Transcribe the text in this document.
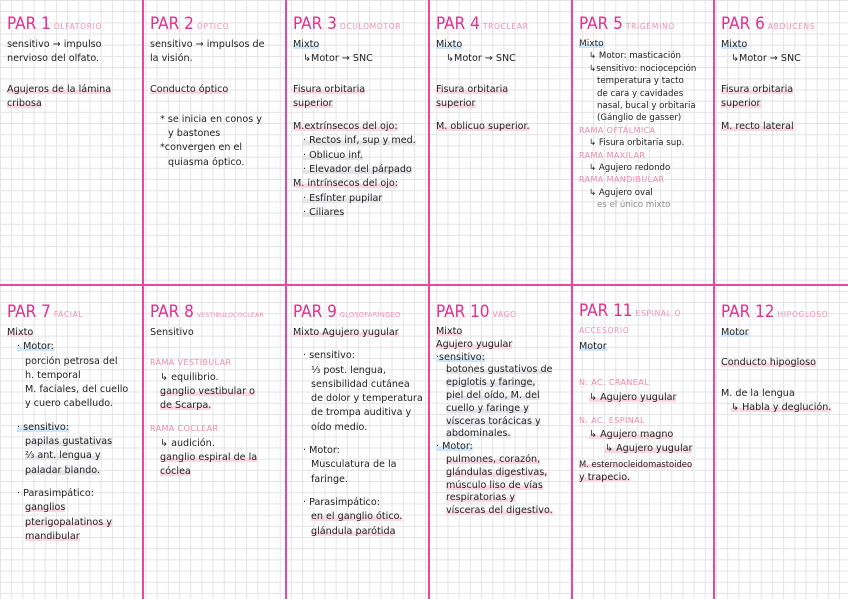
PAR 1 OLFATORIO
sensitivo → impulso
nervioso del olfato.
Agujeros de la lámina
cribosa
PAR 2 ÓPTICO
sensitivo → impulsos de
la visión.
Conducto óptico
* se inicia en conos y
y bastones
*convergen en el
quiasma óptico.
PAR 3 OCULOMOTOR
Mixto
↳Motor → SNC
Fisura orbitaria
superior
M.extrínsecos del ojo:
· Rectos inf, sup y med.
· Oblicuo inf.
· Elevador del párpado
M. intrínsecos del ojo:
· Esfínter pupilar
· Ciliares
PAR 4 TROCLEAR
Mixto
↳Motor → SNC
Fisura orbitaria
superior
M. oblicuo superior.
PAR 5 TRIGÉMINO
Mixto
↳ Motor: masticación
↳sensitivo: nociocepción
temperatura y tacto
de cara y cavidades
nasal, bucal y orbitaria
(Gánglio de gasser)
RAMA OFTÁLMICA
↳ Fisura orbitaria sup.
RAMA MAXILAR
↳ Agujero redondo
RAMA MANDIBULAR
↳ Agujero oval
es el único mixto
PAR 6 ABDUCENS
Mixto
↳Motor → SNC
Fisura orbitaria
superior
M. recto lateral
PAR 7 FACIAL
Mixto
· Motor:
porción petrosa del
h. temporal
M. faciales, del cuello
y cuero cabelludo.
· sensitivo:
papilas gustativas
⅔ ant. lengua y
paladar blando.
· Parasimpático:
ganglios
pterigopalatinos y
mandibular
PAR 8 VESTIBULOCOCLEAR
Sensitivo
RAMA VESTIBULAR
↳ equilibrio.
ganglio vestibular o
de Scarpa.
RAMA COCLEAR
↳ audición.
ganglio espiral de la
cóclea
PAR 9 GLOSOFARÍNGEO
Mixto Agujero yugular
· sensitivo:
⅓ post. lengua,
sensibilidad cutánea
de dolor y temperatura
de trompa auditiva y
oído medio.
· Motor:
Musculatura de la
faringe.
· Parasimpático:
en el ganglio ótico.
glándula parótida
PAR 10 VAGO
Mixto
Agujero yugular
·sensitivo:
botones gustativos de
epiglotis y faringe,
piel del oído, M. del
cuello y faringe y
vísceras torácicas y
abdominales.
· Motor:
pulmones, corazón,
glándulas digestivas,
músculo liso de vías
respiratorias y
vísceras del digestivo.
PAR 11 ESPINAL O ACCESORIO
Motor
N. AC. CRANEAL
↳ Agujero yugular
N. AC. ESPINAL
↳ Agujero magno
↳ Agujero yugular
M. esternocleidomastoideo
y trapecio.
PAR 12 HIPOGLOSO
Motor
Conducto hipogloso
M. de la lengua
↳ Habla y deglución.
